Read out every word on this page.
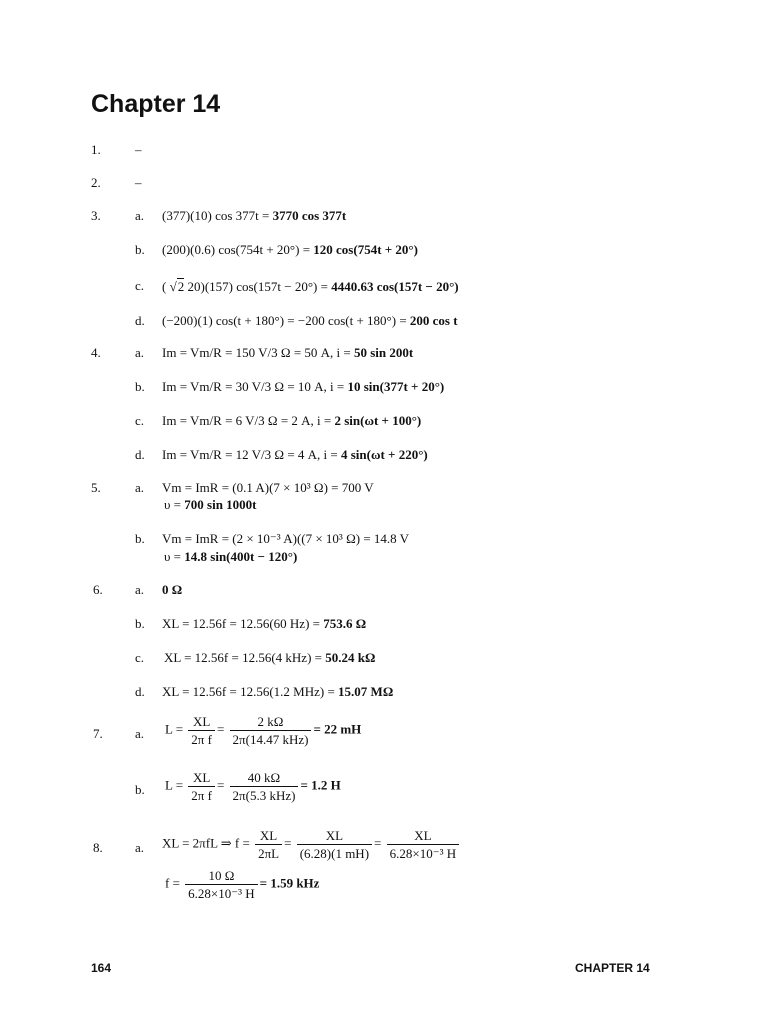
Chapter 14
1.	–
2.	–
3.	a. (377)(10) cos 377t = 3770 cos 377t
b. (200)(0.6) cos(754t + 20°) = 120 cos(754t + 20°)
c. ( √2 20)(157) cos(157t − 20°) = 4440.63 cos(157t − 20°)
d. (−200)(1) cos(t + 180°) = −200 cos(t + 180°) = 200 cos t
4.	a. Im = Vm/R = 150 V/3 Ω = 50 A, i = 50 sin 200t
b. Im = Vm/R = 30 V/3 Ω = 10 A, i = 10 sin(377t + 20°)
c. Im = Vm/R = 6 V/3 Ω = 2 A, i = 2 sin(ωt + 100°)
d. Im = Vm/R = 12 V/3 Ω = 4 A, i = 4 sin(ωt + 220°)
5.	a. Vm = ImR = (0.1 A)(7 × 10³ Ω) = 700 V
υ = 700 sin 1000t
b. Vm = ImR = (2 × 10⁻³ A)((7 × 10³ Ω) = 14.8 V
υ = 14.8 sin(400t − 120°)
6. a. 0 Ω
b. XL = 12.56f = 12.56(60 Hz) = 753.6 Ω
c. XL = 12.56f = 12.56(4 kHz) = 50.24 kΩ
d. XL = 12.56f = 12.56(1.2 MHz) = 15.07 MΩ
7. a. $L = \frac{XL}{\text{2π f}} = \frac{2 k\Omega}{\text{2π(14.47 kHz)}} = 22$ mH
b. $L = \frac{XL}{\text{2π f}} = \frac{40 k\Omega}{\text{2π(5.3 kHz)}} = 1.2$ H
8. a. XL = 2πfL ⇒ $f = \frac{XL}{2\pi L} = \frac{XL}{(6.28)(1 mH)} = \frac{XL}{\text{6.28×10⁻³ H}}$
$f = \frac{10 \Omega}{\text{6.28×10⁻³ H}} = 1.59$ kHz
164	CHAPTER 14
